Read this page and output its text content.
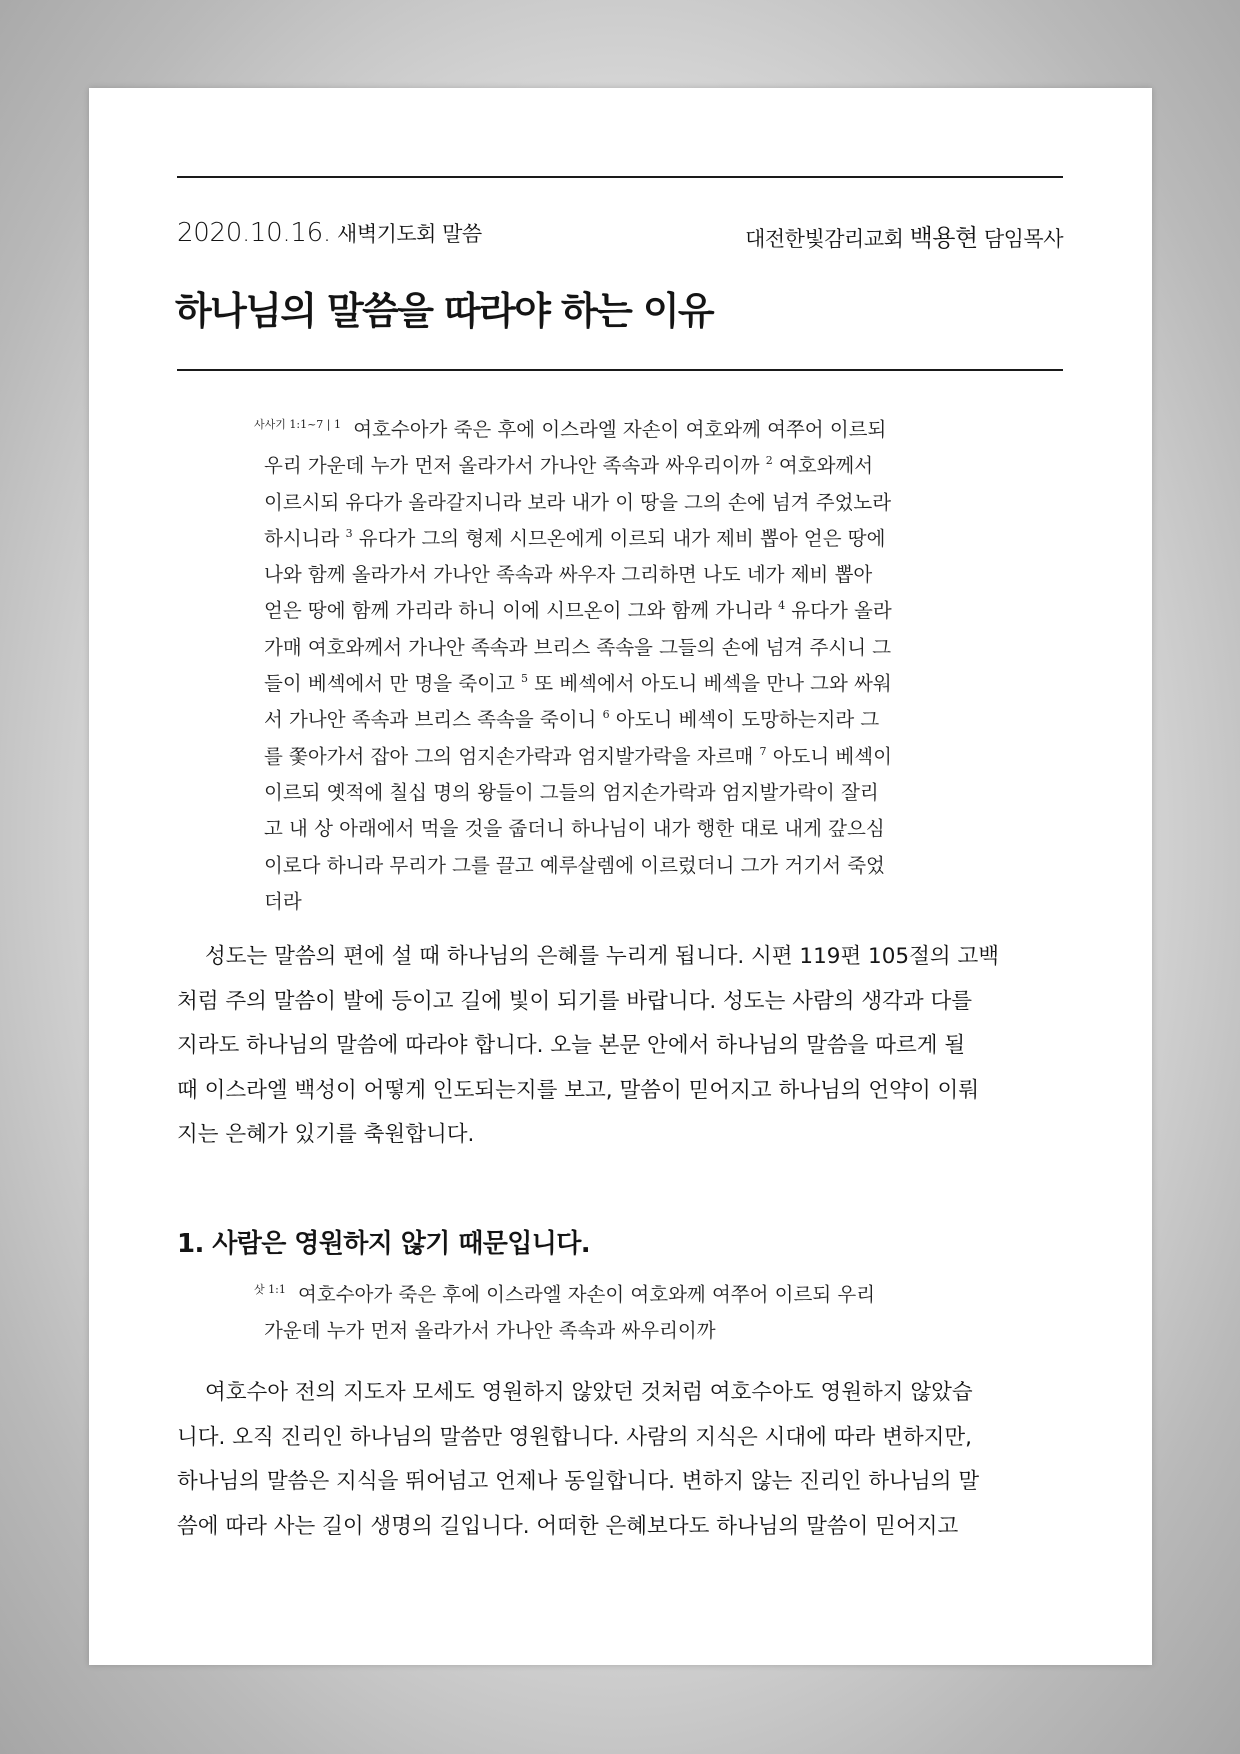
2020.10.16. 새벽기도회 말씀	대전한빛감리교회 백용현 담임목사
하나님의 말씀을 따라야 하는 이유
$^{사사기 1:1\sim 7 | 1}$ 여호수아가 죽은 후에 이스라엘 자손이 여호와께 여쭈어 이르되
우리 가운데 누가 먼저 올라가서 가나안 족속과 싸우리이까 $^2$ 여호와께서
이르시되 유다가 올라갈지니라 보라 내가 이 땅을 그의 손에 넘겨 주었노라
하시니라 $^3$ 유다가 그의 형제 시므온에게 이르되 내가 제비 뽑아 얻은 땅에
나와 함께 올라가서 가나안 족속과 싸우자 그리하면 나도 네가 제비 뽑아
얻은 땅에 함께 가리라 하니 이에 시므온이 그와 함께 가니라 $^4$ 유다가 올라
가매 여호와께서 가나안 족속과 브리스 족속을 그들의 손에 넘겨 주시니 그
들이 베섹에서 만 명을 죽이고 $^5$ 또 베섹에서 아도니 베섹을 만나 그와 싸워
서 가나안 족속과 브리스 족속을 죽이니 $^6$ 아도니 베섹이 도망하는지라 그
를 쫓아가서 잡아 그의 엄지손가락과 엄지발가락을 자르매 $^7$ 아도니 베섹이
이르되 옛적에 칠십 명의 왕들이 그들의 엄지손가락과 엄지발가락이 잘리
고 내 상 아래에서 먹을 것을 줍더니 하나님이 내가 행한 대로 내게 갚으심
이로다 하니라 무리가 그를 끌고 예루살렘에 이르렀더니 그가 거기서 죽었
더라
성도는 말씀의 편에 설 때 하나님의 은혜를 누리게 됩니다. 시편 119편 105절의 고백
처럼 주의 말씀이 발에 등이고 길에 빛이 되기를 바랍니다. 성도는 사람의 생각과 다를
지라도 하나님의 말씀에 따라야 합니다. 오늘 본문 안에서 하나님의 말씀을 따르게 될
때 이스라엘 백성이 어떻게 인도되는지를 보고, 말씀이 믿어지고 하나님의 언약이 이뤄
지는 은혜가 있기를 축원합니다.
1. 사람은 영원하지 않기 때문입니다.
$^{삿 1:1}$ 여호수아가 죽은 후에 이스라엘 자손이 여호와께 여쭈어 이르되 우리
가운데 누가 먼저 올라가서 가나안 족속과 싸우리이까
여호수아 전의 지도자 모세도 영원하지 않았던 것처럼 여호수아도 영원하지 않았습
니다. 오직 진리인 하나님의 말씀만 영원합니다. 사람의 지식은 시대에 따라 변하지만,
하나님의 말씀은 지식을 뛰어넘고 언제나 동일합니다. 변하지 않는 진리인 하나님의 말
씀에 따라 사는 길이 생명의 길입니다. 어떠한 은혜보다도 하나님의 말씀이 믿어지고
